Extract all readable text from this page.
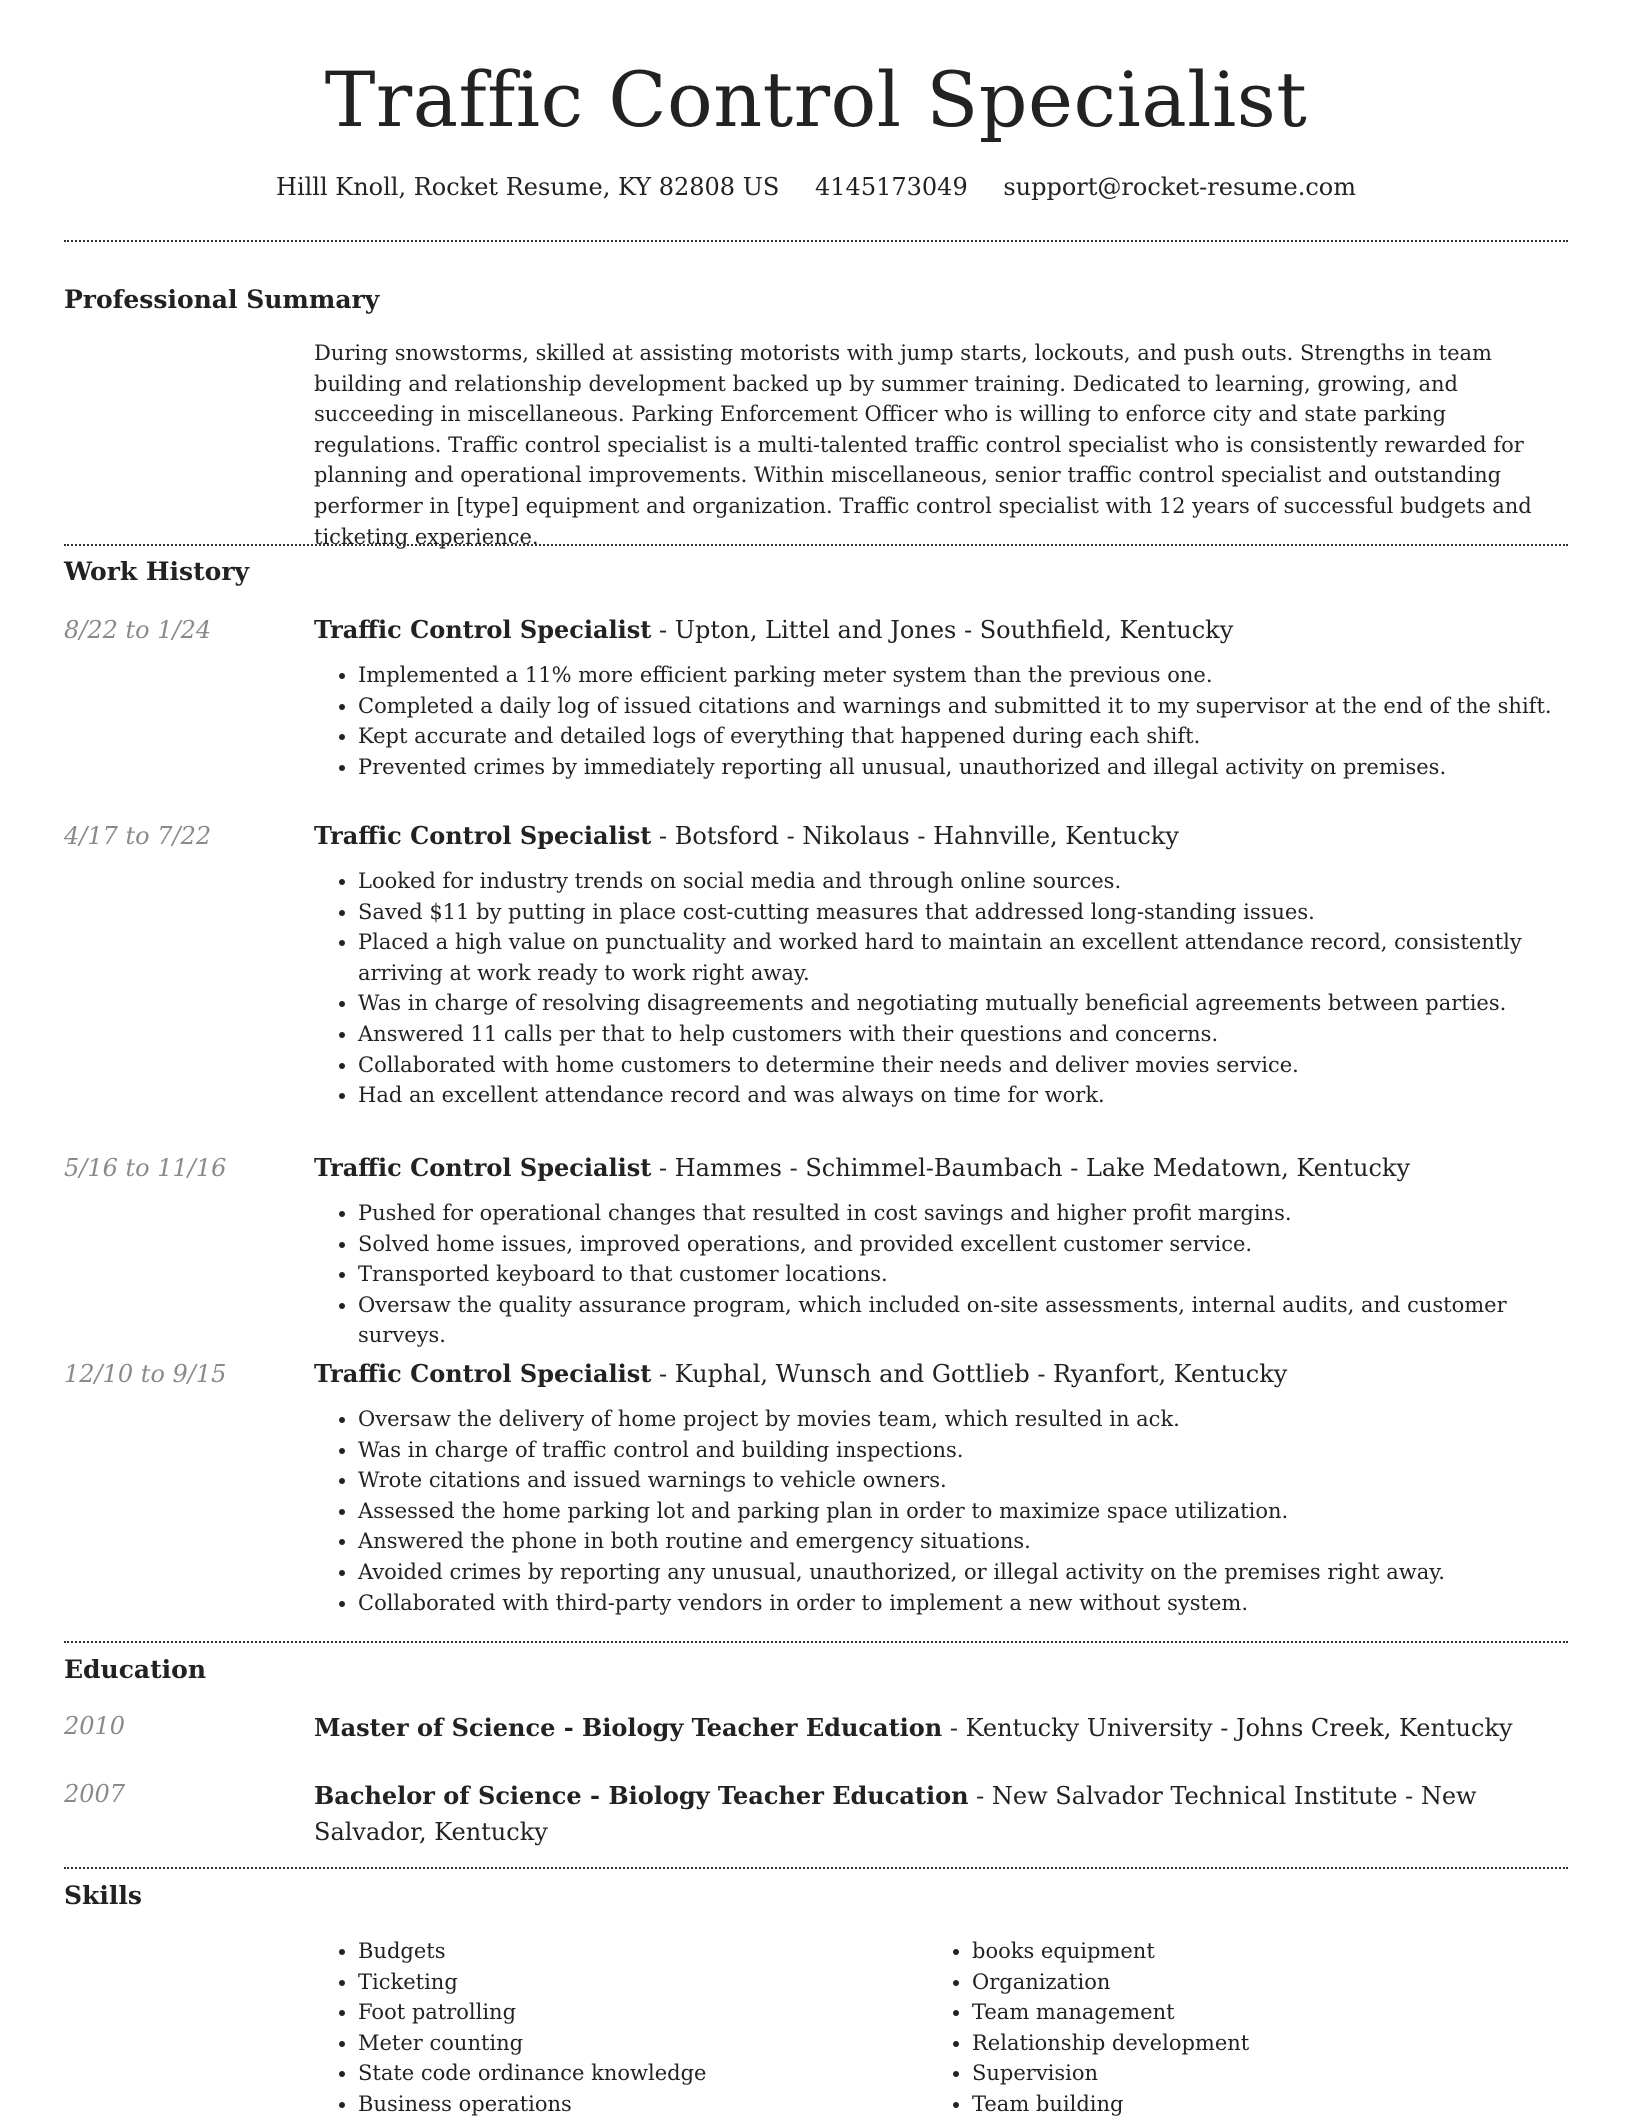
Traffic Control Specialist
Hilll Knoll, Rocket Resume, KY 82808 US 4145173049 support@rocket-resume.com
Professional Summary

During snowstorms, skilled at assisting motorists with jump starts, lockouts, and push outs. Strengths in team building and relationship development backed up by summer training. Dedicated to learning, growing, and succeeding in miscellaneous. Parking Enforcement Officer who is willing to enforce city and state parking regulations. Traffic control specialist is a multi-talented traffic control specialist who is consistently rewarded for planning and operational improvements. Within miscellaneous, senior traffic control specialist and outstanding performer in [type] equipment and organization. Traffic control specialist with 12 years of successful budgets and ticketing experience.

Work History
8/22 to 1/24	Traffic Control Specialist - Upton, Littel and Jones - Southfield, Kentucky

• Implemented a 11% more efficient parking meter system than the previous one.
• Completed a daily log of issued citations and warnings and submitted it to my supervisor at the end of the shift.
• Kept accurate and detailed logs of everything that happened during each shift.
• Prevented crimes by immediately reporting all unusual, unauthorized and illegal activity on premises.
4/17 to 7/22	Traffic Control Specialist - Botsford - Nikolaus - Hahnville, Kentucky

• Looked for industry trends on social media and through online sources.
• Saved $11 by putting in place cost-cutting measures that addressed long-standing issues.
• Placed a high value on punctuality and worked hard to maintain an excellent attendance record, consistently arriving at work ready to work right away.
• Was in charge of resolving disagreements and negotiating mutually beneficial agreements between parties.
• Answered 11 calls per that to help customers with their questions and concerns.
• Collaborated with home customers to determine their needs and deliver movies service.
• Had an excellent attendance record and was always on time for work.
5/16 to 11/16	Traffic Control Specialist - Hammes - Schimmel-Baumbach - Lake Medatown, Kentucky

• Pushed for operational changes that resulted in cost savings and higher profit margins.
• Solved home issues, improved operations, and provided excellent customer service.
• Transported keyboard to that customer locations.
• Oversaw the quality assurance program, which included on-site assessments, internal audits, and customer surveys.
12/10 to 9/15	Traffic Control Specialist - Kuphal, Wunsch and Gottlieb - Ryanfort, Kentucky

• Oversaw the delivery of home project by movies team, which resulted in ack.
• Was in charge of traffic control and building inspections.
• Wrote citations and issued warnings to vehicle owners.
• Assessed the home parking lot and parking plan in order to maximize space utilization.
• Answered the phone in both routine and emergency situations.
• Avoided crimes by reporting any unusual, unauthorized, or illegal activity on the premises right away.
• Collaborated with third-party vendors in order to implement a new without system.
Education
2010	Master of Science - Biology Teacher Education - Kentucky University - Johns Creek, Kentucky

2007	Bachelor of Science - Biology Teacher Education - New Salvador Technical Institute - New Salvador, Kentucky

Skills
• Budgets
• Ticketing
• Foot patrolling
• Meter counting
• State code ordinance knowledge
• Business operations
• books equipment
• Organization
• Team management
• Relationship development
• Supervision
• Team building
